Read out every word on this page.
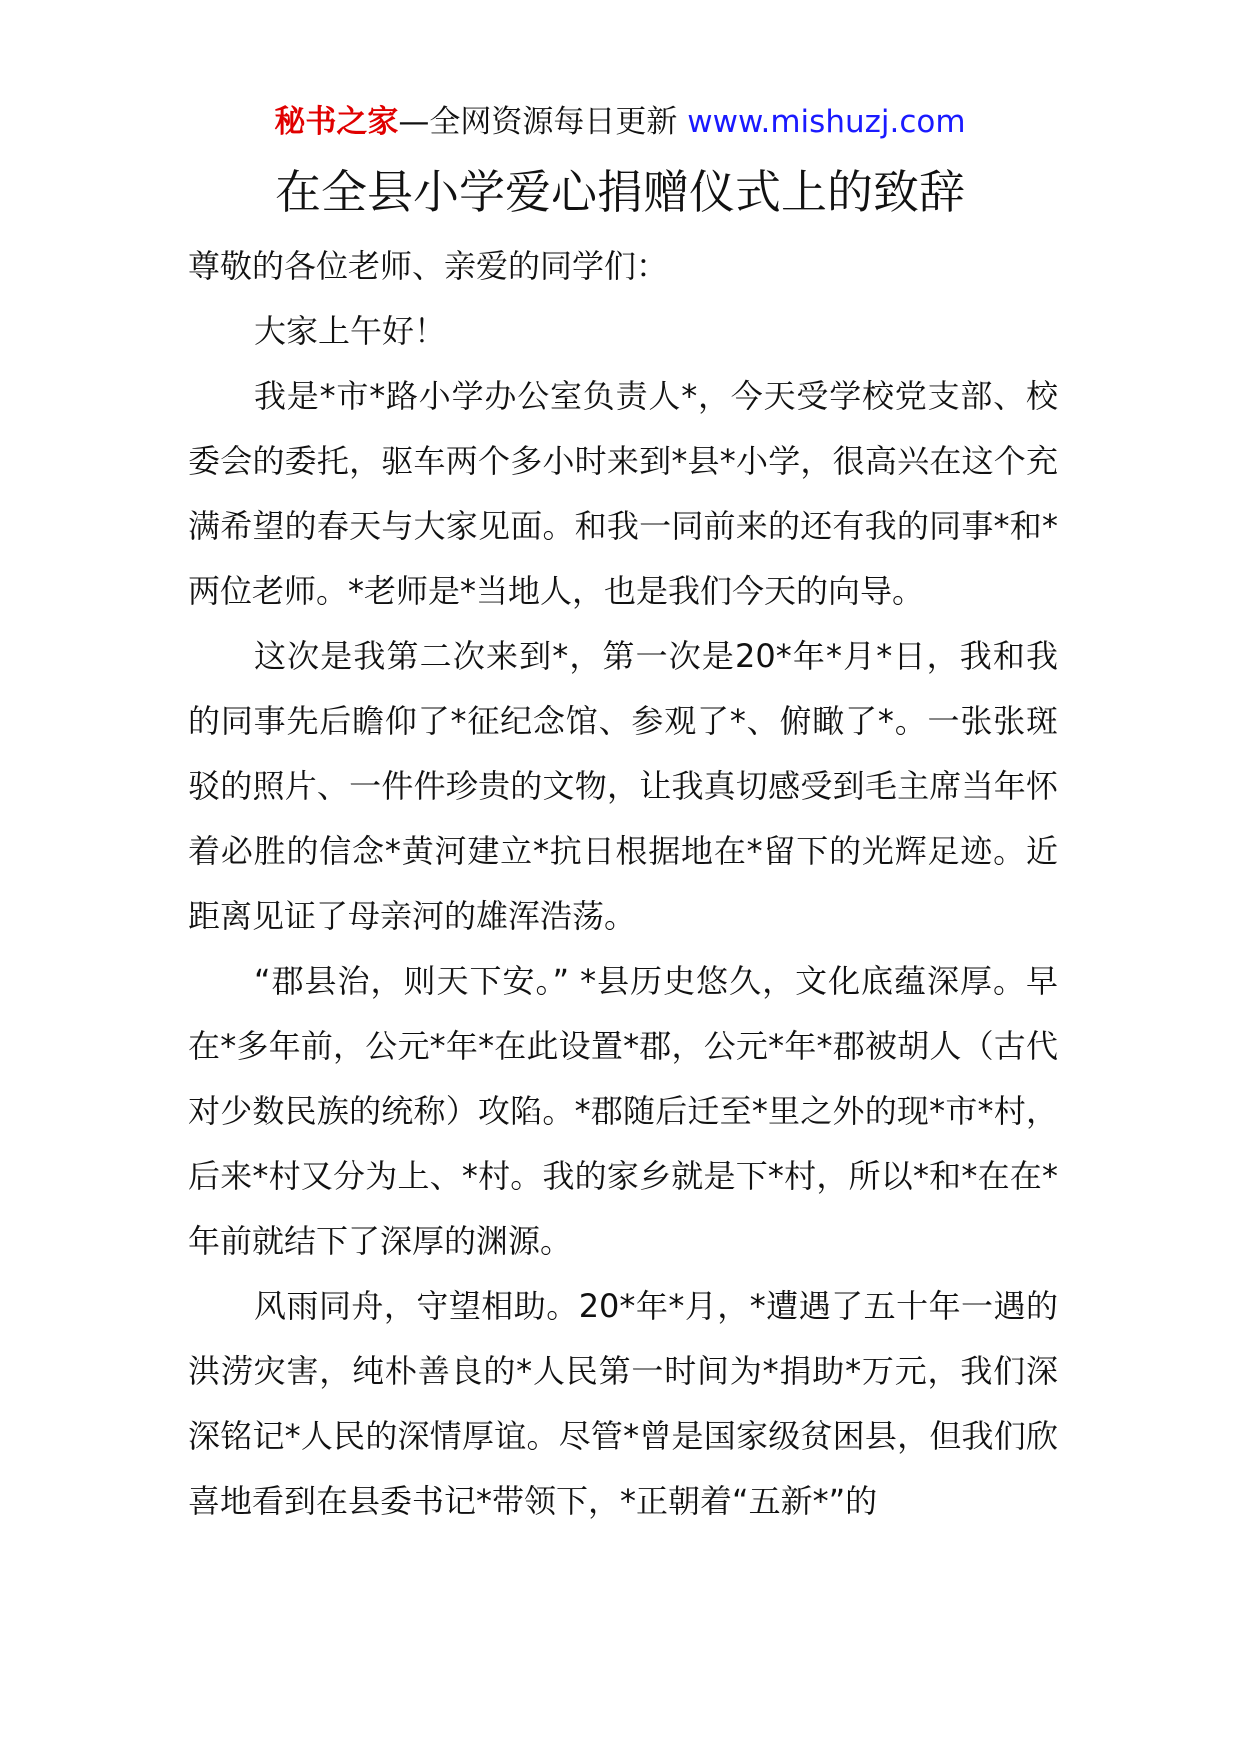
秘书之家—全网资源每日更新 www.mishuzj.com
在全县小学爱心捐赠仪式上的致辞

尊敬的各位老师、亲爱的同学们：

大家上午好！

我是*市*路小学办公室负责人*，今天受学校党支部、校委会的委托，驱车两个多小时来到*县*小学，很高兴在这个充满希望的春天与大家见面。和我一同前来的还有我的同事*和*两位老师。*老师是*当地人，也是我们今天的向导。

这次是我第二次来到*，第一次是20*年*月*日，我和我的同事先后瞻仰了*征纪念馆、参观了*、俯瞰了*。一张张斑驳的照片、一件件珍贵的文物，让我真切感受到毛主席当年怀着必胜的信念*黄河建立*抗日根据地在*留下的光辉足迹。近距离见证了母亲河的雄浑浩荡。

“郡县治，则天下安。” *县历史悠久，文化底蕴深厚。早在*多年前，公元*年*在此设置*郡，公元*年*郡被胡人（古代对少数民族的统称）攻陷。*郡随后迁至*里之外的现*市*村，后来*村又分为上、*村。我的家乡就是下*村，所以*和*在在*年前就结下了深厚的渊源。

风雨同舟，守望相助。20*年*月，*遭遇了五十年一遇的洪涝灾害，纯朴善良的*人民第一时间为*捐助*万元，我们深深铭记*人民的深情厚谊。尽管*曾是国家级贫困县，但我们欣喜地看到在县委书记*带领下，*正朝着“五新*”的
